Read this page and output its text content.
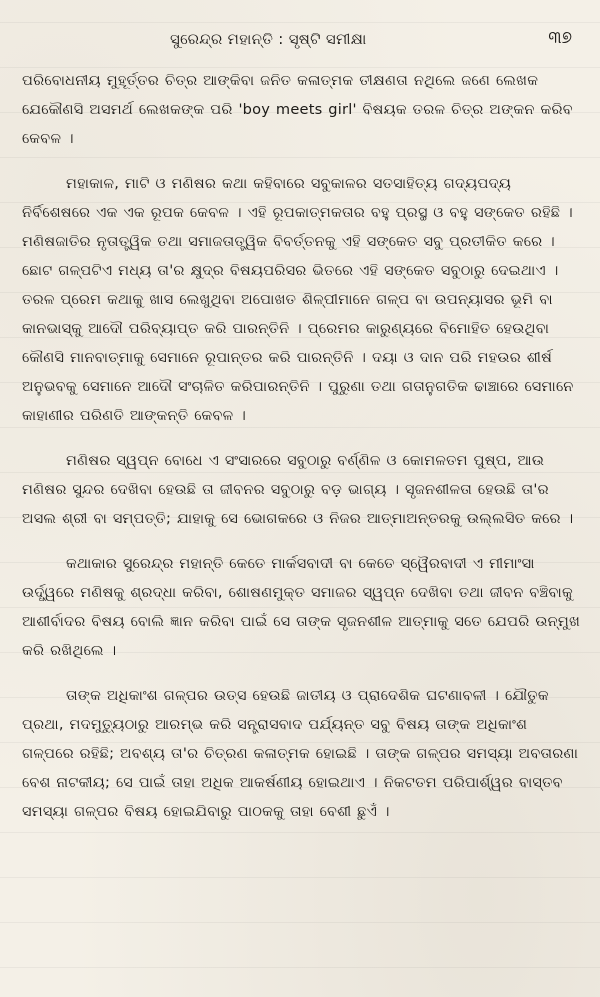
ସୁରେନ୍ଦ୍ର ମହାନ୍ତି : ସୃଷ୍ଟି ସମୀକ୍ଷା	୩୭

ପରିବୋଧନୀୟ ମୁହୂର୍ତ୍ତର ଚିତ୍ର ଆଙ୍କିବା ଜନିତ କଳାତ୍ମକ ତୀକ୍ଷଣତା ନଥିଲେ ଜଣେ ଲେଖକ ଯେକୌଣସି ଅସମର୍ଥ ଲେଖକଙ୍କ ପରି 'boy meets girl' ବିଷୟକ ତରଳ ଚିତ୍ର ଅଙ୍କନ କରିବ କେବଳ ।

ମହାକାଳ, ମାଟି ଓ ମଣିଷର କଥା କହିବାରେ ସବୁକାଳର ସତସାହିତ୍ୟ ଗଦ୍ୟପଦ୍ୟ ନିର୍ବିଶେଷରେ ଏକ ଏକ ରୂପକ କେବଳ । ଏହି ରୂପକାତ୍ମକତାର ବହୁ ପ୍ରସ୍ଥ ଓ ବହୁ ସଙ୍କେତ ରହିଛି । ମଣିଷଜାତିର ନୃତାତ୍ତ୍ୱିକ ତଥା ସମାଜତାତ୍ତ୍ୱିକ ବିବର୍ତ୍ତନକୁ ଏହି ସଙ୍କେତ ସବୁ ପ୍ରତୀକିତ କରେ । ଛୋଟ ଗଳ୍ପଟିଏ ମଧ୍ୟ ତା'ର କ୍ଷୁଦ୍ର ବିଷୟପରିସର ଭିତରେ ଏହି ସଙ୍କେତ ସବୁଠାରୁ ଦେଇଥାଏ । ତରଳ ପ୍ରେମ କଥାକୁ ଖାସ ଲେଖୁଥିବା ଅପୋଖତ ଶିଳ୍ପୀମାନେ ଗଳ୍ପ ବା ଉପନ୍ୟାସର ଭୂମି ବା କାନଭାସ୍‌କୁ ଆଦୌ ପରିବ୍ୟାପ୍ତ କରି ପାରନ୍ତିନି । ପ୍ରେମର କାରୁଣ୍ୟରେ ବିମୋହିତ ହେଉଥିବା କୌଣସି ମାନବାତ୍ମାକୁ ସେମାନେ ରୂପାନ୍ତର କରି ପାରନ୍ତିନି । ଦୟା ଓ ଦାନ ପରି ମହଉର ଶୀର୍ଷ ଅନୁଭବକୁ ସେମାନେ ଆଦୌ ସଂଚାଳିତ କରିପାରନ୍ତିନି । ପୁରୁଣା ତଥା ଗତାନୁଗତିକ ଢାଞ୍ଚାରେ ସେମାନେ କାହାଣୀର ପରିଣତି ଆଙ୍କନ୍ତି କେବଳ ।

ମଣିଷର ସ୍ୱପ୍ନ ବୋଧେ ଏ ସଂସାରରେ ସବୁଠାରୁ ବର୍ଣ୍ଣିଳ ଓ କୋମଳତମ ପୁଷ୍ପ, ଆଉ ମଣିଷର ସୁନ୍ଦର ଦେଖିବା ହେଉଛି ତା ଜୀବନର ସବୁଠାରୁ ବଡ଼ ଭାଗ୍ୟ । ସୃଜନଶୀଳତା ହେଉଛି ତା'ର ଅସଲ ଶ୍ରୀ ବା ସମ୍ପତ୍ତି; ଯାହାକୁ ସେ ଭୋଗକରେ ଓ ନିଜର ଆତ୍ମାଅନ୍ତରକୁ ଉଲ୍ଲସିତ କରେ ।

କଥାକାର ସୁରେନ୍ଦ୍ର ମହାନ୍ତି କେତେ ମାର୍କସବାଦୀ ବା କେତେ ସ୍ୱୈରବାଦୀ ଏ ମୀମାଂସା ଉର୍ଦ୍ଧ୍ୱରେ ମଣିଷକୁ ଶ୍ରଦ୍ଧା କରିବା, ଶୋଷଣମୁକ୍ତ ସମାଜର ସ୍ୱପ୍ନ ଦେଖିବା ତଥା ଜୀବନ ବଞ୍ଚିବାକୁ ଆଶୀର୍ବାଦର ବିଷୟ ବୋଲି ଜ୍ଞାନ କରିବା ପାଇଁ ସେ ତାଙ୍କ ସୃଜନଶୀଳ ଆତ୍ମାକୁ ସତେ ଯେପରି ଉନ୍ମୁଖ କରି ରଖିଥିଲେ ।

ତାଙ୍କ ଅଧିକାଂଶ ଗଳ୍ପର ଉତ୍ସ ହେଉଛି ଜାତୀୟ ଓ ପ୍ରାଦେଶିକ ଘଟଣାବଳୀ । ଯୌତୁକ ପ୍ରଥା, ମଦମୁତ୍ୟୁଠାରୁ ଆରମ୍ଭ କରି ସନ୍ତ୍ରାସବାଦ ପର୍ଯ୍ୟନ୍ତ ସବୁ ବିଷୟ ତାଙ୍କ ଅଧିକାଂଶ ଗଳ୍ପରେ ରହିଛି; ଅବଶ୍ୟ ତା'ର ଚିତ୍ରଣ କଳାତ୍ମକ ହୋଇଛି । ତାଙ୍କ ଗଳ୍ପର ସମସ୍ୟା ଅବତାରଣା ବେଶ ନାଟକୀୟ; ସେ ପାଇଁ ତାହା ଅଧିକ ଆକର୍ଷଣୀୟ ହୋଇଥାଏ । ନିକଟତମ ପରିପାର୍ଶ୍ୱର ବାସ୍ତବ ସମସ୍ୟା ଗଳ୍ପର ବିଷୟ ହୋଇଯିବାରୁ ପାଠକକୁ ତାହା ବେଶୀ ଛୁଏଁ ।
